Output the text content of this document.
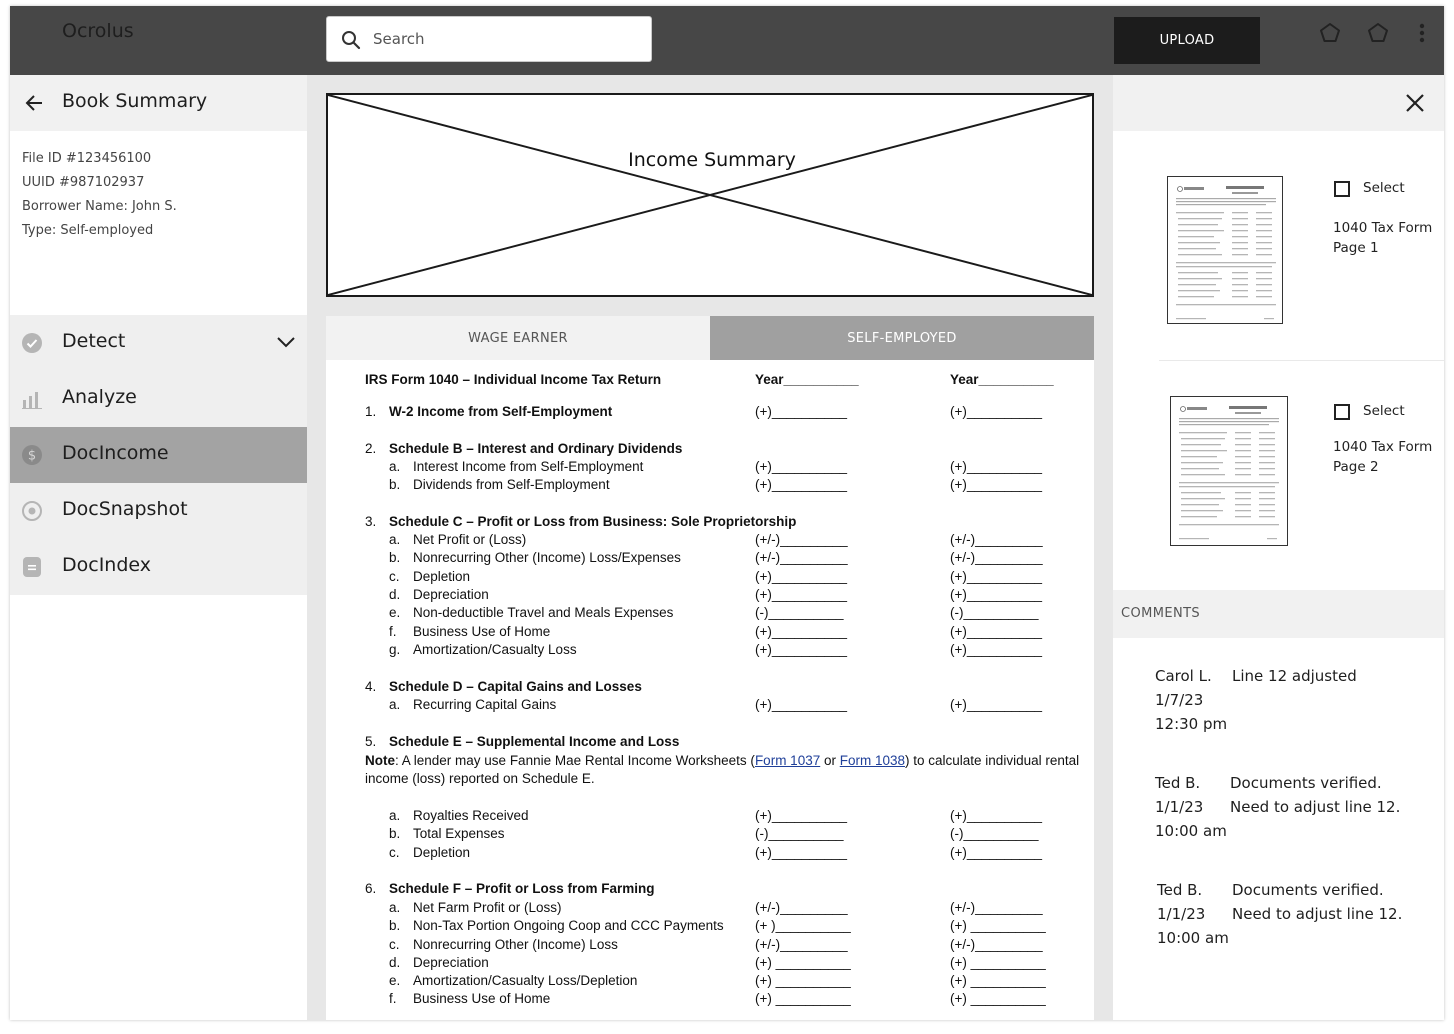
Ocrolus
Search	UPLOAD
Book Summary
File ID #123456100
UUID #987102937
Borrower Name: John S.
Type: Self-employed
Detect
Analyze
$ DocIncome
DocSnapshot
DocIndex
Income Summary
WAGE EARNER	SELF-EMPLOYED
IRS Form 1040 – Individual Income Tax Return	Year__________	Year__________
1. W-2 Income from Self-Employment	(+)__________	(+)__________
2. Schedule B – Interest and Ordinary Dividends
a. Interest Income from Self-Employment	(+)__________	(+)__________
b. Dividends from Self-Employment	(+)__________	(+)__________
3. Schedule C – Profit or Loss from Business: Sole Proprietorship
a. Net Profit or (Loss)	(+/-)_________	(+/-)_________
b. Nonrecurring Other (Income) Loss/Expenses	(+/-)_________	(+/-)_________
c. Depletion	(+)__________	(+)__________
d. Depreciation	(+)__________	(+)__________
e. Non-deductible Travel and Meals Expenses	(-)__________	(-)__________
f. Business Use of Home	(+)__________	(+)__________
g. Amortization/Casualty Loss	(+)__________	(+)__________
4. Schedule D – Capital Gains and Losses
a. Recurring Capital Gains	(+)__________	(+)__________
5. Schedule E – Supplemental Income and Loss
Note: A lender may use Fannie Mae Rental Income Worksheets (Form 1037 or Form 1038) to calculate individual rental income (loss) reported on Schedule E.
a. Royalties Received	(+)__________	(+)__________
b. Total Expenses	(-)__________	(-)__________
c. Depletion	(+)__________	(+)__________
6. Schedule F – Profit or Loss from Farming
a. Net Farm Profit or (Loss)	(+/-)_________	(+/-)_________
b. Non-Tax Portion Ongoing Coop and CCC Payments (+ )__________	(+) __________
c. Nonrecurring Other (Income) Loss	(+/-)_________	(+/-)_________
d. Depreciation	(+) __________	(+) __________
e. Amortization/Casualty Loss/Depletion	(+) __________	(+) __________
f. Business Use of Home	(+) __________	(+) __________
Select
1040 Tax Form
Page 1
Select
1040 Tax Form
Page 2
COMMENTS
Carol L.
1/7/23
12:30 pm
Line 12 adjusted
Ted B.
1/1/23
10:00 am
Documents verified.
Need to adjust line 12.
Ted B.
1/1/23
10:00 am
Documents verified.
Need to adjust line 12.
